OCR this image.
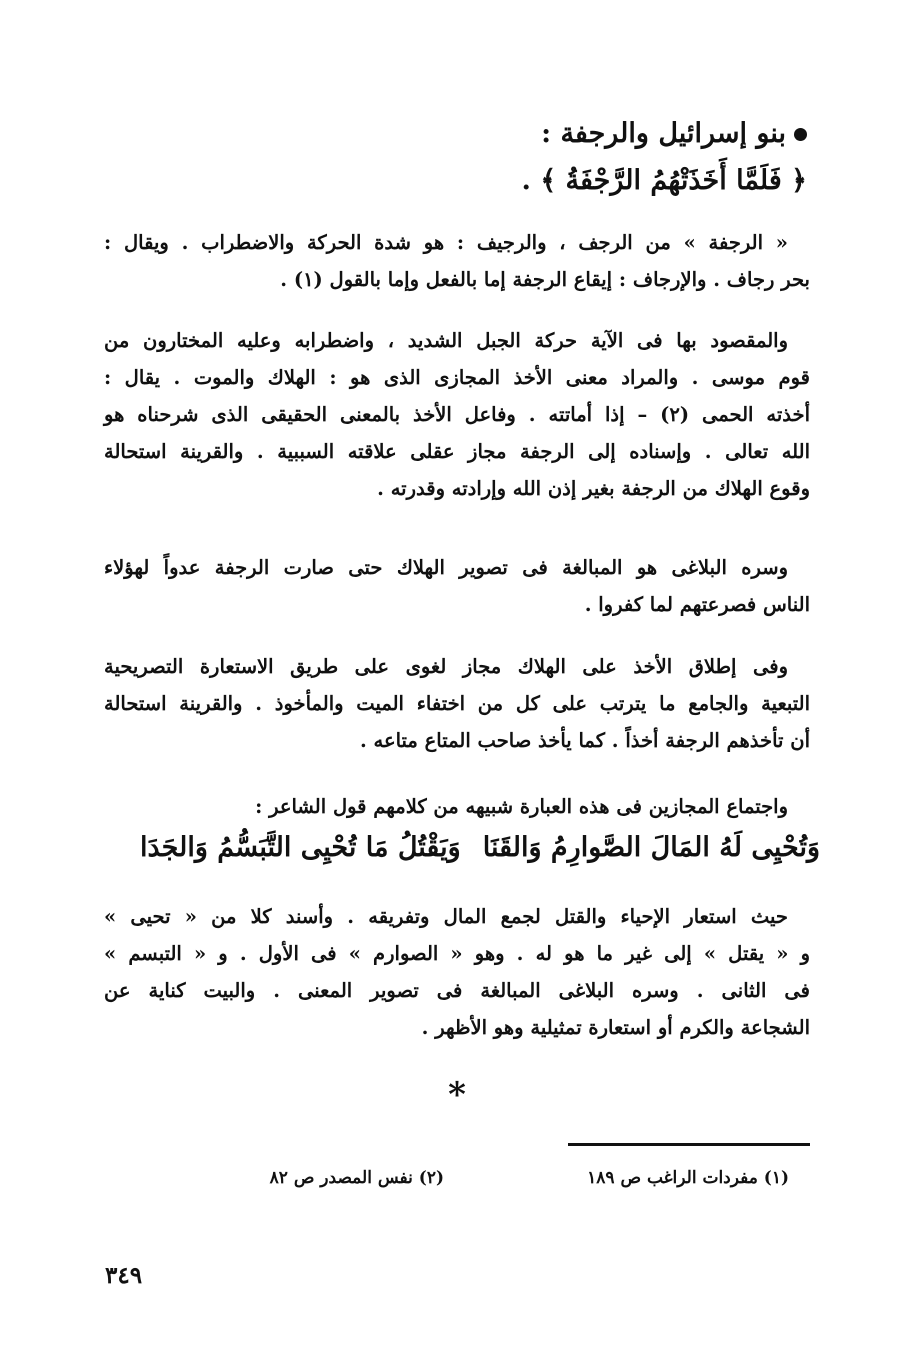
بنو إسرائيل والرجفة :
﴿ فَلَمَّا أَخَذَتْهُمُ الرَّجْفَةُ ﴾ .
« الرجفة » من الرجف ، والرجيف : هو شدة الحركة والاضطراب . ويقال :
بحر رجاف . والإرجاف : إيقاع الرجفة إما بالفعل وإما بالقول (١) .
والمقصود بها فى الآية حركة الجبل الشديد ، واضطرابه وعليه المختارون من
قوم موسى . والمراد معنى الأخذ المجازى الذى هو : الهلاك والموت . يقال :
أخذته الحمى (٢) – إذا أماتته . وفاعل الأخذ بالمعنى الحقيقى الذى شرحناه هو
الله تعالى . وإسناده إلى الرجفة مجاز عقلى علاقته السببية . والقرينة استحالة
وقوع الهلاك من الرجفة بغير إذن الله وإرادته وقدرته .
وسره البلاغى هو المبالغة فى تصوير الهلاك حتى صارت الرجفة عدواً لهؤلاء
الناس فصرعتهم لما كفروا .
وفى إطلاق الأخذ على الهلاك مجاز لغوى على طريق الاستعارة التصريحية
التبعية والجامع ما يترتب على كل من اختفاء الميت والمأخوذ . والقرينة استحالة
أن تأخذهم الرجفة أخذاً . كما يأخذ صاحب المتاع متاعه .
واجتماع المجازين فى هذه العبارة شبيهه من كلامهم قول الشاعر :
وَتُحْيِى لَهُ المَالَ الصَّوارِمُ وَالقَنَا
وَيَقْتُلُ مَا تُحْيِى التَّبَسُّمُ وَالجَدَا
حيث استعار الإحياء والقتل لجمع المال وتفريقه . وأسند كلا من « تحيى »
و « يقتل » إلى غير ما هو له . وهو « الصوارم » فى الأول . و « التبسم »
فى الثانى . وسره البلاغى المبالغة فى تصوير المعنى . والبيت كناية عن
الشجاعة والكرم أو استعارة تمثيلية وهو الأظهر .
*
(١) مفردات الراغب ص ١٨٩
(٢) نفس المصدر ص ٨٢
٣٤٩
